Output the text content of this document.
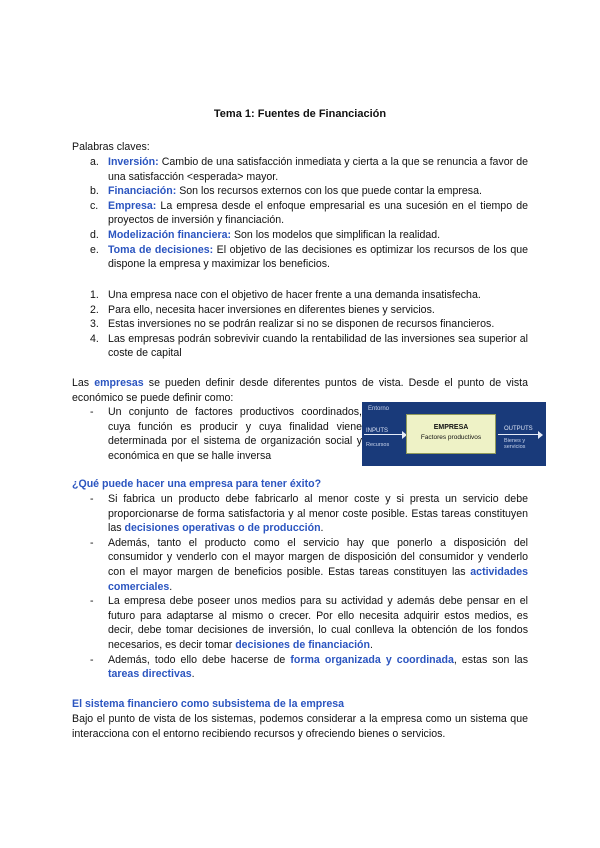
Tema 1: Fuentes de Financiación
Palabras claves:

a. Inversión: Cambio de una satisfacción inmediata y cierta a la que se renuncia a favor de una satisfacción <esperada> mayor.

b. Financiación: Son los recursos externos con los que puede contar la empresa.

c. Empresa: La empresa desde el enfoque empresarial es una sucesión en el tiempo de proyectos de inversión y financiación.

d. Modelización financiera: Son los modelos que simplifican la realidad.

e. Toma de decisiones: El objetivo de las decisiones es optimizar los recursos de los que dispone la empresa y maximizar los beneficios.

1. Una empresa nace con el objetivo de hacer frente a una demanda insatisfecha.
2. Para ello, necesita hacer inversiones en diferentes bienes y servicios.
3. Estas inversiones no se podrán realizar si no se disponen de recursos financieros.
4. Las empresas podrán sobrevivir cuando la rentabilidad de las inversiones sea superior al coste de capital
Las empresas se pueden definir desde diferentes puntos de vista. Desde el punto de vista económico se puede definir como:
- Un conjunto de factores productivos coordinados, cuya función es producir y cuya finalidad viene determinada por el sistema de organización social y económica en que se halle inversa
Entorno
INPUTS
Recursos
EMPRESA
Factores productivos
OUTPUTS
Bienes y servicios
¿Qué puede hacer una empresa para tener éxito?
- Si fabrica un producto debe fabricarlo al menor coste y si presta un servicio debe proporcionarse de forma satisfactoria y al menor coste posible. Estas tareas constituyen las decisiones operativas o de producción.
- Además, tanto el producto como el servicio hay que ponerlo a disposición del consumidor y venderlo con el mayor margen de disposición del consumidor y venderlo con el mayor margen de beneficios posible. Estas tareas constituyen las actividades comerciales.
- La empresa debe poseer unos medios para su actividad y además debe pensar en el futuro para adaptarse al mismo o crecer. Por ello necesita adquirir estos medios, es decir, debe tomar decisiones de inversión, lo cual conlleva la obtención de los fondos necesarios, es decir tomar decisiones de financiación.
- Además, todo ello debe hacerse de forma organizada y coordinada, estas son las tareas directivas.
El sistema financiero como subsistema de la empresa
Bajo el punto de vista de los sistemas, podemos considerar a la empresa como un sistema que interacciona con el entorno recibiendo recursos y ofreciendo bienes o servicios.
